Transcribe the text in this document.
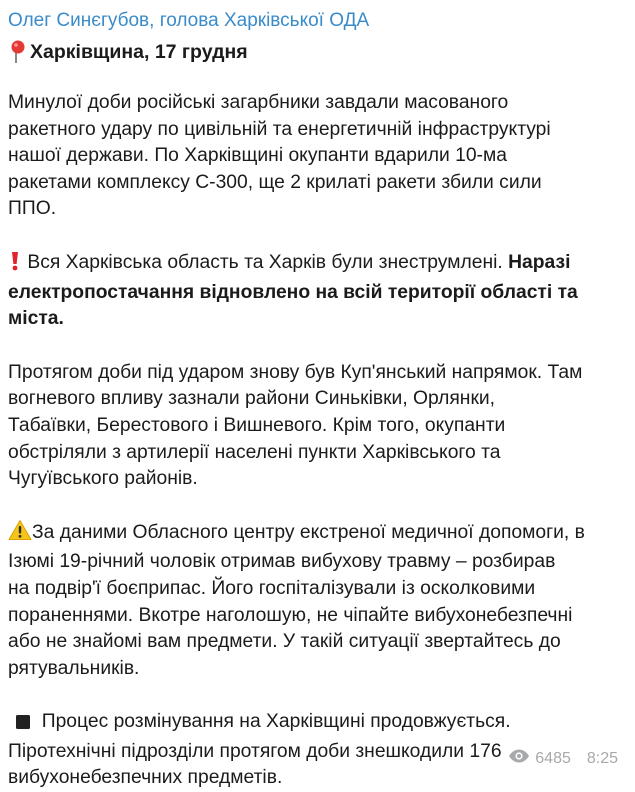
Олег Синєгубов, голова Харківської ОДА
Харківщина, 17 грудня
Минулої доби російські загарбники завдали масованого
ракетного удару по цивільній та енергетичній інфраструктурі
нашої держави. По Харківщині окупанти вдарили 10-ма
ракетами комплексу С-300, ще 2 крилаті ракети збили сили
ППО.
Вся Харківська область та Харків були знеструмлені. Наразі
електропостачання відновлено на всій території області та
міста.
Протягом доби під ударом знову був Куп'янський напрямок. Там
вогневого впливу зазнали райони Синьківки, Орлянки,
Табаївки, Берестового і Вишневого. Крім того, окупанти
обстріляли з артилерії населені пункти Харківського та
Чугуївського районів.
За даними Обласного центру екстреної медичної допомоги, в
Ізюмі 19-річний чоловік отримав вибухову травму – розбирав
на подвір'ї боєприпас. Його госпіталізували із осколковими
пораненнями. Вкотре наголошую, не чіпайте вибухонебезпечні
або не знайомі вам предмети. У такій ситуації звертайтесь до
рятувальників.
Процес розмінування на Харківщині продовжується.
Піротехнічні підрозділи протягом доби знешкодили 176
вибухонебезпечних предметів.
6485 8:25
